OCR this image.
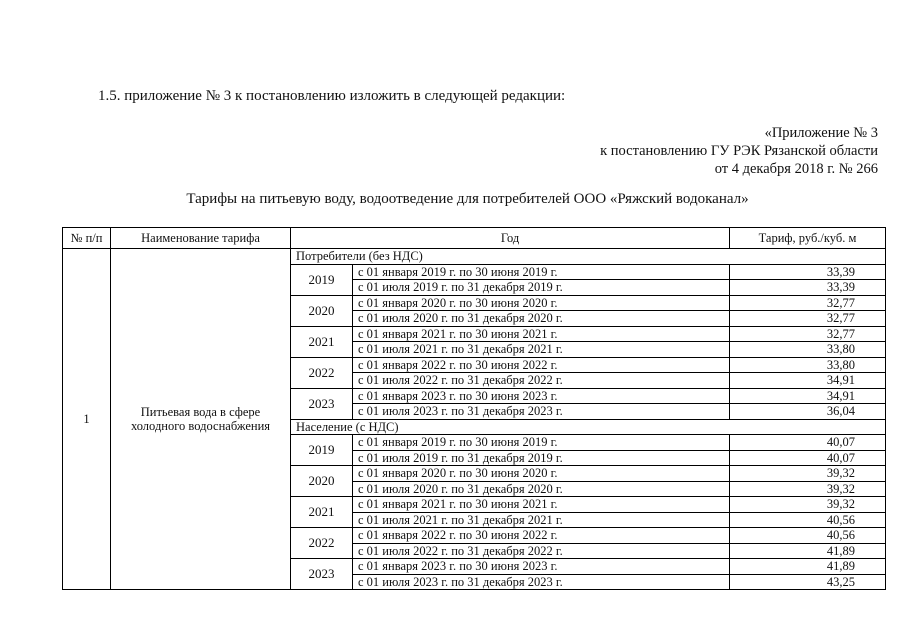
1.5. приложение № 3 к постановлению изложить в следующей редакции:
«Приложение № 3
к постановлению ГУ РЭК Рязанской области
от 4 декабря 2018 г. № 266
Тарифы на питьевую воду, водоотведение для потребителей ООО «Ряжский водоканал»
№ п/п	Наименование тарифа	Год		Тариф, руб./куб. м
1	Питьевая вода в сфере холодного водоснабжения	Потребители (без НДС)		
		2019	с 01 января 2019 г. по 30 июня 2019 г.	33,39
			с 01 июля 2019 г. по 31 декабря 2019 г.	33,39
		2020	с 01 января 2020 г. по 30 июня 2020 г.	32,77
			с 01 июля 2020 г. по 31 декабря 2020 г.	32,77
		2021	с 01 января 2021 г. по 30 июня 2021 г.	32,77
			с 01 июля 2021 г. по 31 декабря 2021 г.	33,80
		2022	с 01 января 2022 г. по 30 июня 2022 г.	33,80
			с 01 июля 2022 г. по 31 декабря 2022 г.	34,91
		2023	с 01 января 2023 г. по 30 июня 2023 г.	34,91
			с 01 июля 2023 г. по 31 декабря 2023 г.	36,04
		Население (с НДС)		
		2019	с 01 января 2019 г. по 30 июня 2019 г.	40,07
			с 01 июля 2019 г. по 31 декабря 2019 г.	40,07
		2020	с 01 января 2020 г. по 30 июня 2020 г.	39,32
			с 01 июля 2020 г. по 31 декабря 2020 г.	39,32
		2021	с 01 января 2021 г. по 30 июня 2021 г.	39,32
			с 01 июля 2021 г. по 31 декабря 2021 г.	40,56
		2022	с 01 января 2022 г. по 30 июня 2022 г.	40,56
			с 01 июля 2022 г. по 31 декабря 2022 г.	41,89
		2023	с 01 января 2023 г. по 30 июня 2023 г.	41,89
			с 01 июля 2023 г. по 31 декабря 2023 г.	43,25
